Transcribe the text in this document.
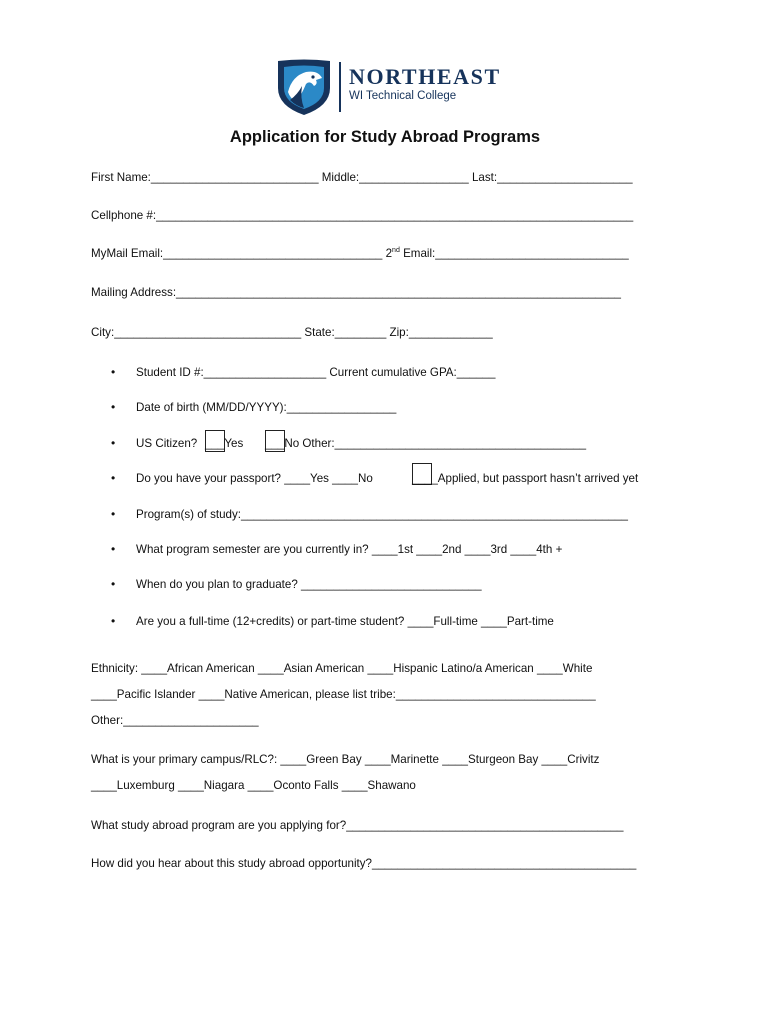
NORTHEAST
WI Technical College
Application for Study Abroad Programs
First Name:__________________________ Middle:_________________ Last:_____________________
Cellphone #:__________________________________________________________________________
MyMail Email:__________________________________ 2nd Email:______________________________
Mailing Address:_____________________________________________________________________
City:_____________________________ State:________ Zip:_____________
• Student ID #:___________________ Current cumulative GPA:______
• Date of birth (MM/DD/YYYY):_________________
• US Citizen? ___Yes ___No Other:_______________________________________
• Do you have your passport? ____Yes ____No	____Applied, but passport hasn’t arrived yet
• Program(s) of study:____________________________________________________________
• What program semester are you currently in? ____1st ____2nd ____3rd ____4th +
• When do you plan to graduate? ____________________________
• Are you a full-time (12+credits) or part-time student? ____Full-time ____Part-time
Ethnicity: ____African American ____Asian American ____Hispanic Latino/a American ____White
____Pacific Islander ____Native American, please list tribe:_______________________________
Other:_____________________
What is your primary campus/RLC?: ____Green Bay ____Marinette ____Sturgeon Bay ____Crivitz
____Luxemburg ____Niagara ____Oconto Falls ____Shawano
What study abroad program are you applying for?___________________________________________
How did you hear about this study abroad opportunity?_________________________________________
